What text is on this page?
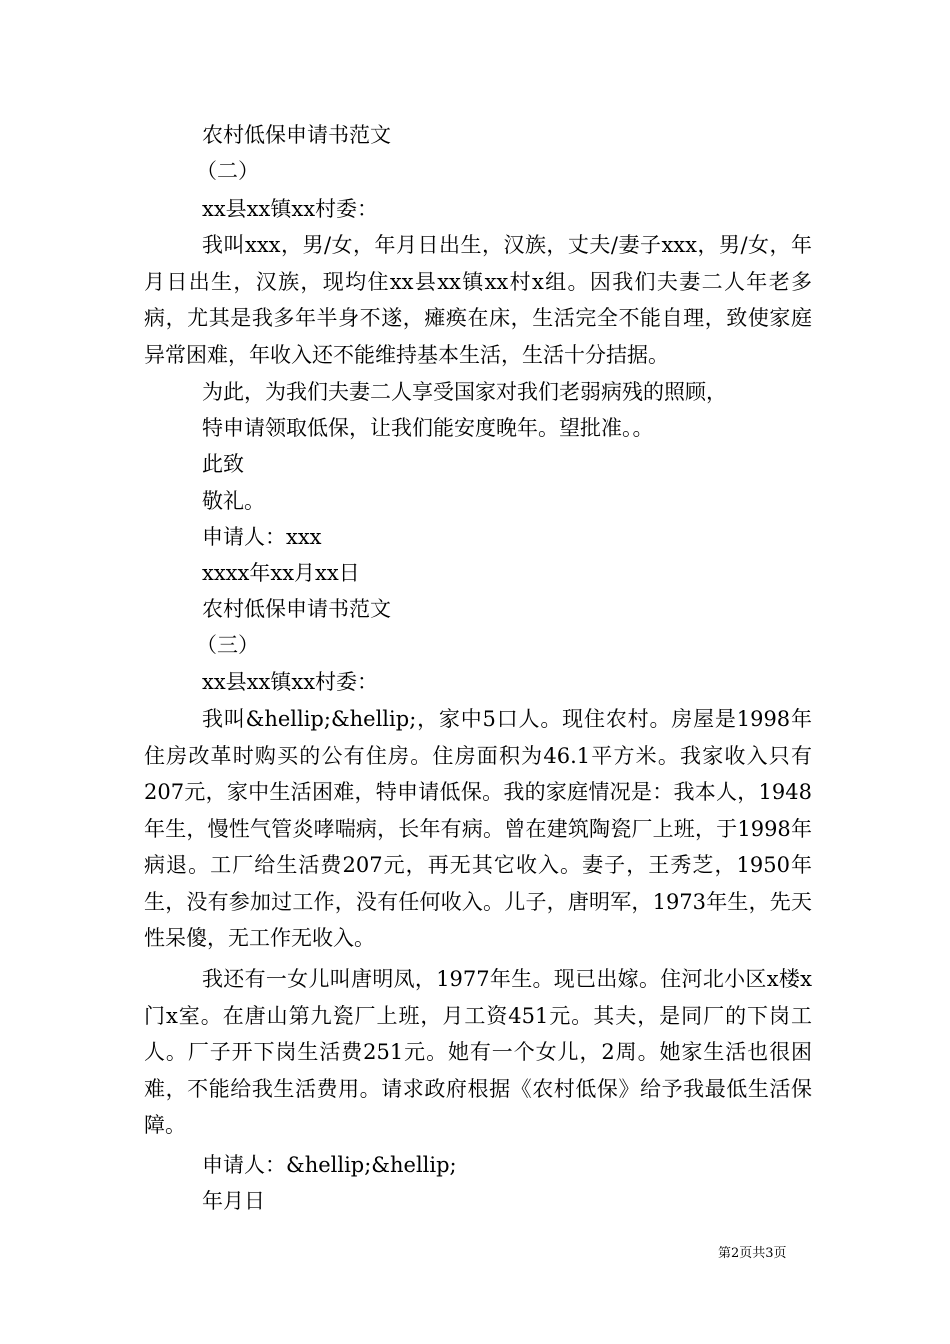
农村低保申请书范文
（二）
xx县xx镇xx村委：

我叫xxx，男/女，年月日出生，汉族，丈夫/妻子xxx，男/女，年月日出生，汉族，现均住xx县xx镇xx村x组。因我们夫妻二人年老多病，尤其是我多年半身不遂，瘫痪在床，生活完全不能自理，致使家庭异常困难，年收入还不能维持基本生活，生活十分拮据。

为此，为我们夫妻二人享受国家对我们老弱病残的照顾，
特申请领取低保，让我们能安度晚年。望批准。。
此致
敬礼。
申请人：xxx
xxxx年xx月xx日
农村低保申请书范文
（三）
xx县xx镇xx村委：

我叫&hellip;&hellip;，家中5口人。现住农村。房屋是1998年住房改革时购买的公有住房。住房面积为46.1平方米。我家收入只有207元，家中生活困难，特申请低保。我的家庭情况是：我本人，1948年生，慢性气管炎哮喘病，长年有病。曾在建筑陶瓷厂上班，于1998年病退。工厂给生活费207元，再无其它收入。妻子，王秀芝，1950年生，没有参加过工作，没有任何收入。儿子，唐明军，1973年生，先天性呆傻，无工作无收入。

我还有一女儿叫唐明凤，1977年生。现已出嫁。住河北小区x楼x门x室。在唐山第九瓷厂上班，月工资451元。其夫，是同厂的下岗工人。厂子开下岗生活费251元。她有一个女儿，2周。她家生活也很困难，不能给我生活费用。请求政府根据《农村低保》给予我最低生活保障。

申请人：&hellip;&hellip;
年月日
第2页共3页
